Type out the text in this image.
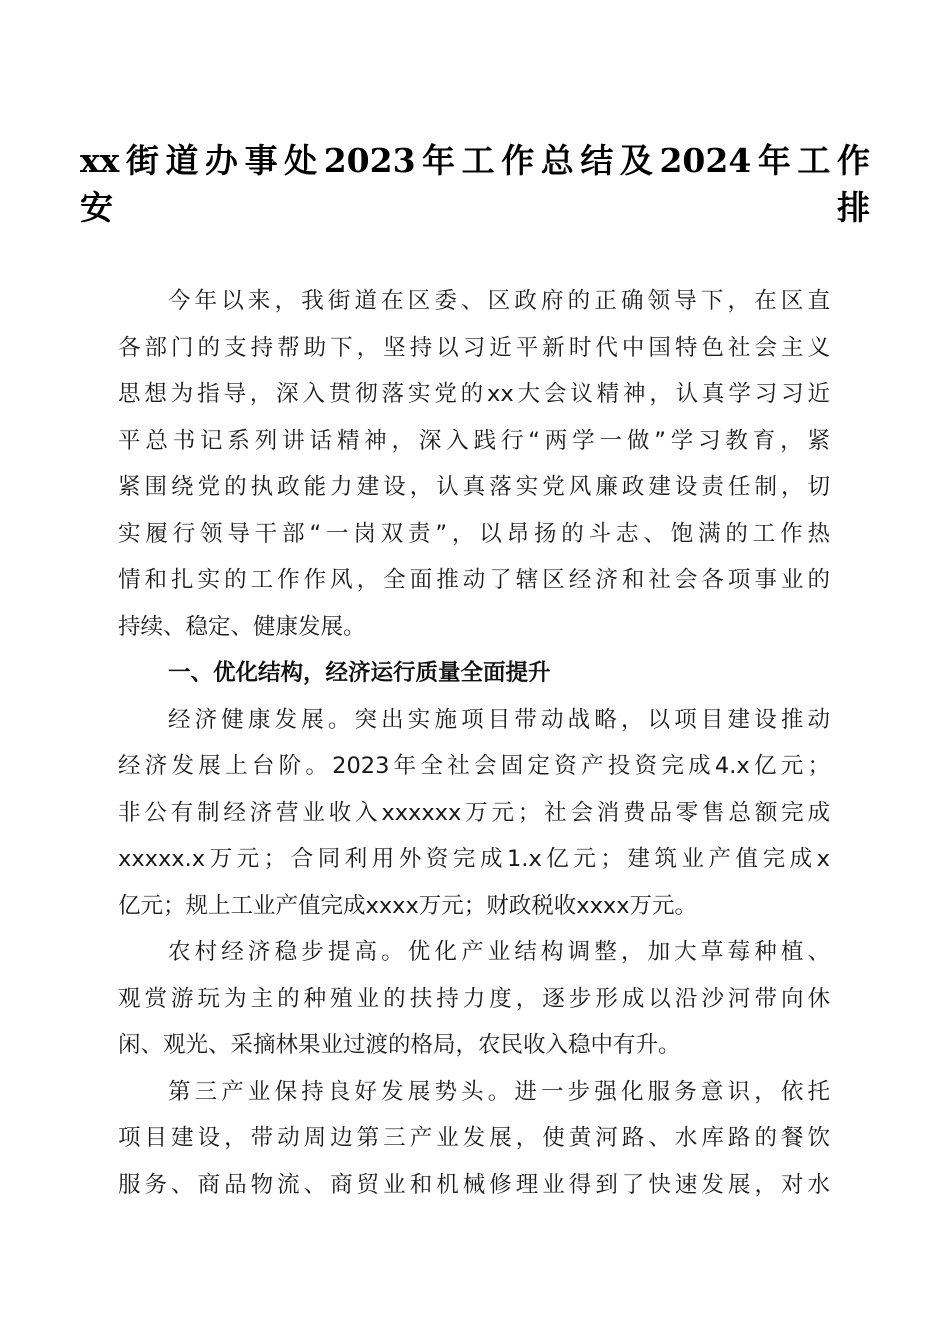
xx街道办事处2023年工作总结及2024年工作
安排
今年以来，我街道在区委、区政府的正确领导下，在区直
各部门的支持帮助下，坚持以习近平新时代中国特色社会主义
思想为指导，深入贯彻落实党的xx大会议精神，认真学习习近
平总书记系列讲话精神，深入践行“两学一做”学习教育，紧
紧围绕党的执政能力建设，认真落实党风廉政建设责任制，切
实履行领导干部“一岗双责”，以昂扬的斗志、饱满的工作热
情和扎实的工作作风，全面推动了辖区经济和社会各项事业的
持续、稳定、健康发展。
一、优化结构，经济运行质量全面提升
经济健康发展。突出实施项目带动战略，以项目建设推动
经济发展上台阶。2023年全社会固定资产投资完成4.x亿元；
非公有制经济营业收入xxxxxx万元；社会消费品零售总额完成
xxxxx.x万元；合同利用外资完成1.x亿元；建筑业产值完成x
亿元；规上工业产值完成xxxx万元；财政税收xxxx万元。
农村经济稳步提高。优化产业结构调整，加大草莓种植、
观赏游玩为主的种殖业的扶持力度，逐步形成以沿沙河带向休
闲、观光、采摘林果业过渡的格局，农民收入稳中有升。
第三产业保持良好发展势头。进一步强化服务意识，依托
项目建设，带动周边第三产业发展，使黄河路、水库路的餐饮
服务、商品物流、商贸业和机械修理业得到了快速发展，对水
